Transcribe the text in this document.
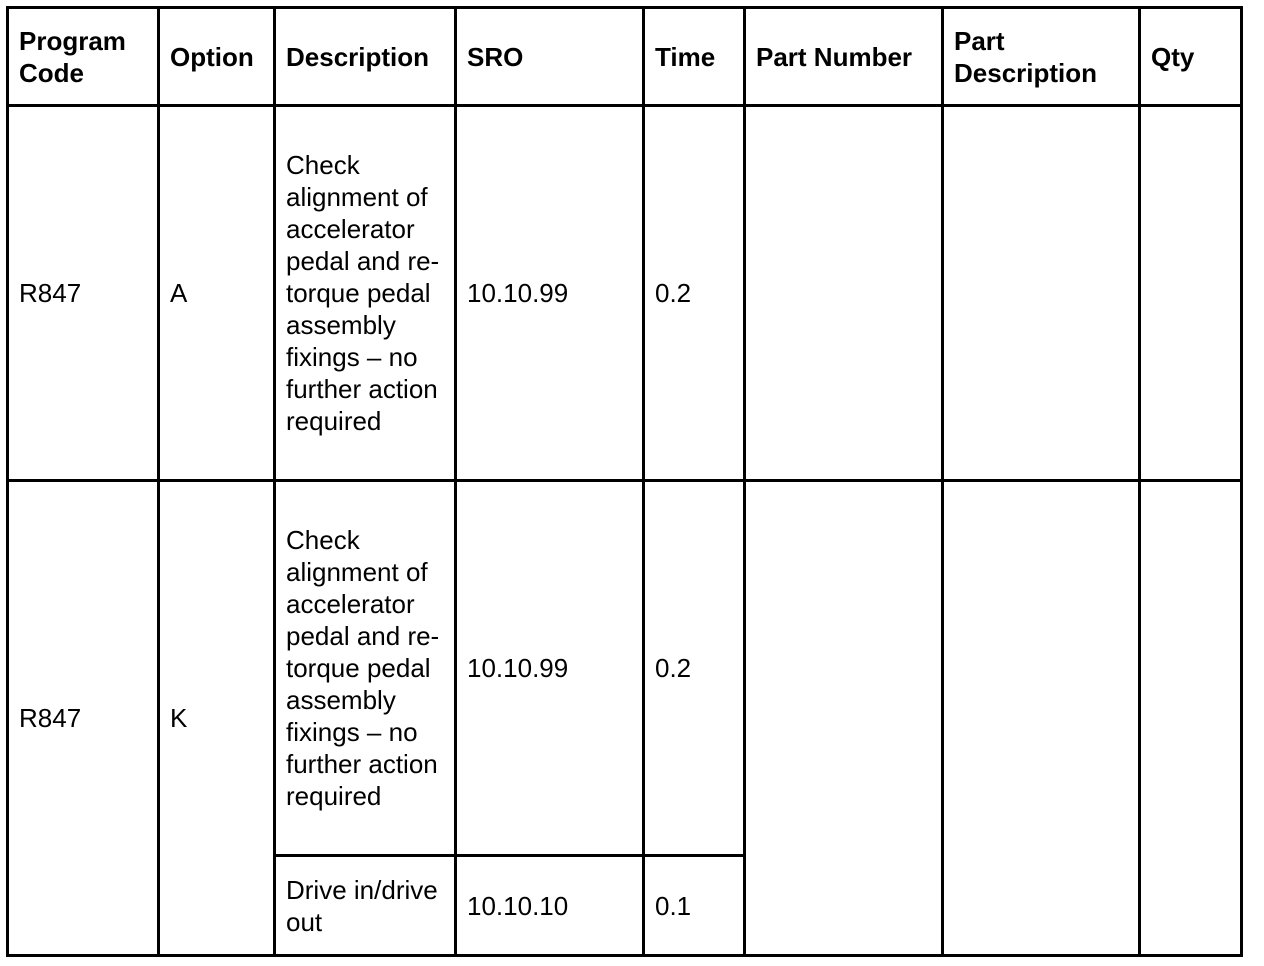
Program Code	Option	Description	SRO	Time	Part Number	Part Description	Qty
R847	A	Check alignment of accelerator pedal and re-torque pedal assembly fixings – no further action required	10.10.99	0.2			
R847	K	Check alignment of accelerator pedal and re-torque pedal assembly fixings – no further action required	10.10.99	0.2			
		Drive in/drive out	10.10.10	0.1			
